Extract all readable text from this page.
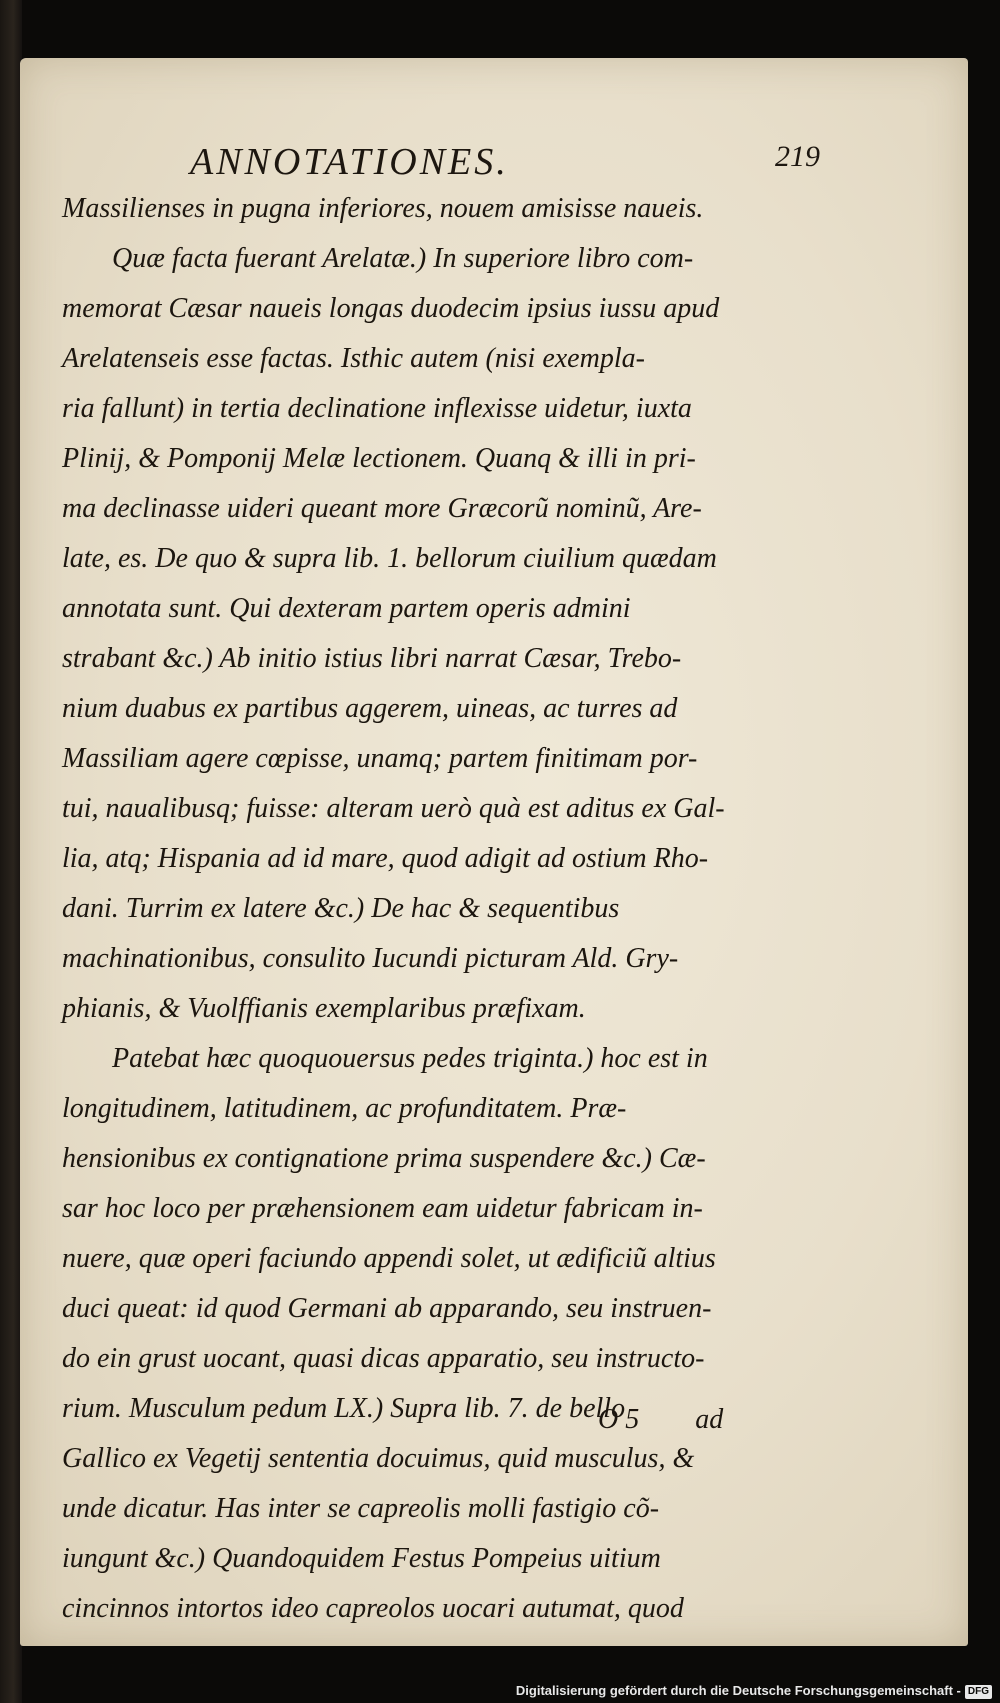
ANNOTATIONES.	219
Massilienses in pugna inferiores, nouem amisisse naueis.
Quæ facta fuerant Arelatæ.) In superiore libro com-
memorat Cæsar naueis longas duodecim ipsius iussu apud
Arelatenseis esse factas. Isthic autem (nisi exempla-
ria fallunt) in tertia declinatione inflexisse uidetur, iuxta
Plinij, & Pomponij Melæ lectionem. Quanq & illi in pri-
ma declinasse uideri queant more Græcorũ nominũ, Are-
late, es. De quo & supra lib. 1. bellorum ciuilium quædam
annotata sunt. Qui dexteram partem operis admini
strabant &c.) Ab initio istius libri narrat Cæsar, Trebo-
nium duabus ex partibus aggerem, uineas, ac turres ad
Massiliam agere cœpisse, unamq; partem finitimam por-
tui, naualibusq; fuisse: alteram uerò quà est aditus ex Gal-
lia, atq; Hispania ad id mare, quod adigit ad ostium Rho-
dani. Turrim ex latere &c.) De hac & sequentibus
machinationibus, consulito Iucundi picturam Ald. Gry-
phianis, & Vuolffianis exemplaribus præfixam.
Patebat hæc quoquouersus pedes triginta.) hoc est in
longitudinem, latitudinem, ac profunditatem. Præ-
hensionibus ex contignatione prima suspendere &c.) Cæ-
sar hoc loco per præhensionem eam uidetur fabricam in-
nuere, quæ operi faciundo appendi solet, ut ædificiũ altius
duci queat: id quod Germani ab apparando, seu instruen-
do ein grust uocant, quasi dicas apparatio, seu instructo-
rium. Musculum pedum LX.) Supra lib. 7. de bello
Gallico ex Vegetij sententia docuimus, quid musculus, &
unde dicatur. Has inter se capreolis molli fastigio cõ-
iungunt &c.) Quandoquidem Festus Pompeius uitium
cincinnos intortos ideo capreolos uocari autumat, quod
O 5        ad
Digitalisierung gefördert durch die Deutsche Forschungsgemeinschaft - DFG
